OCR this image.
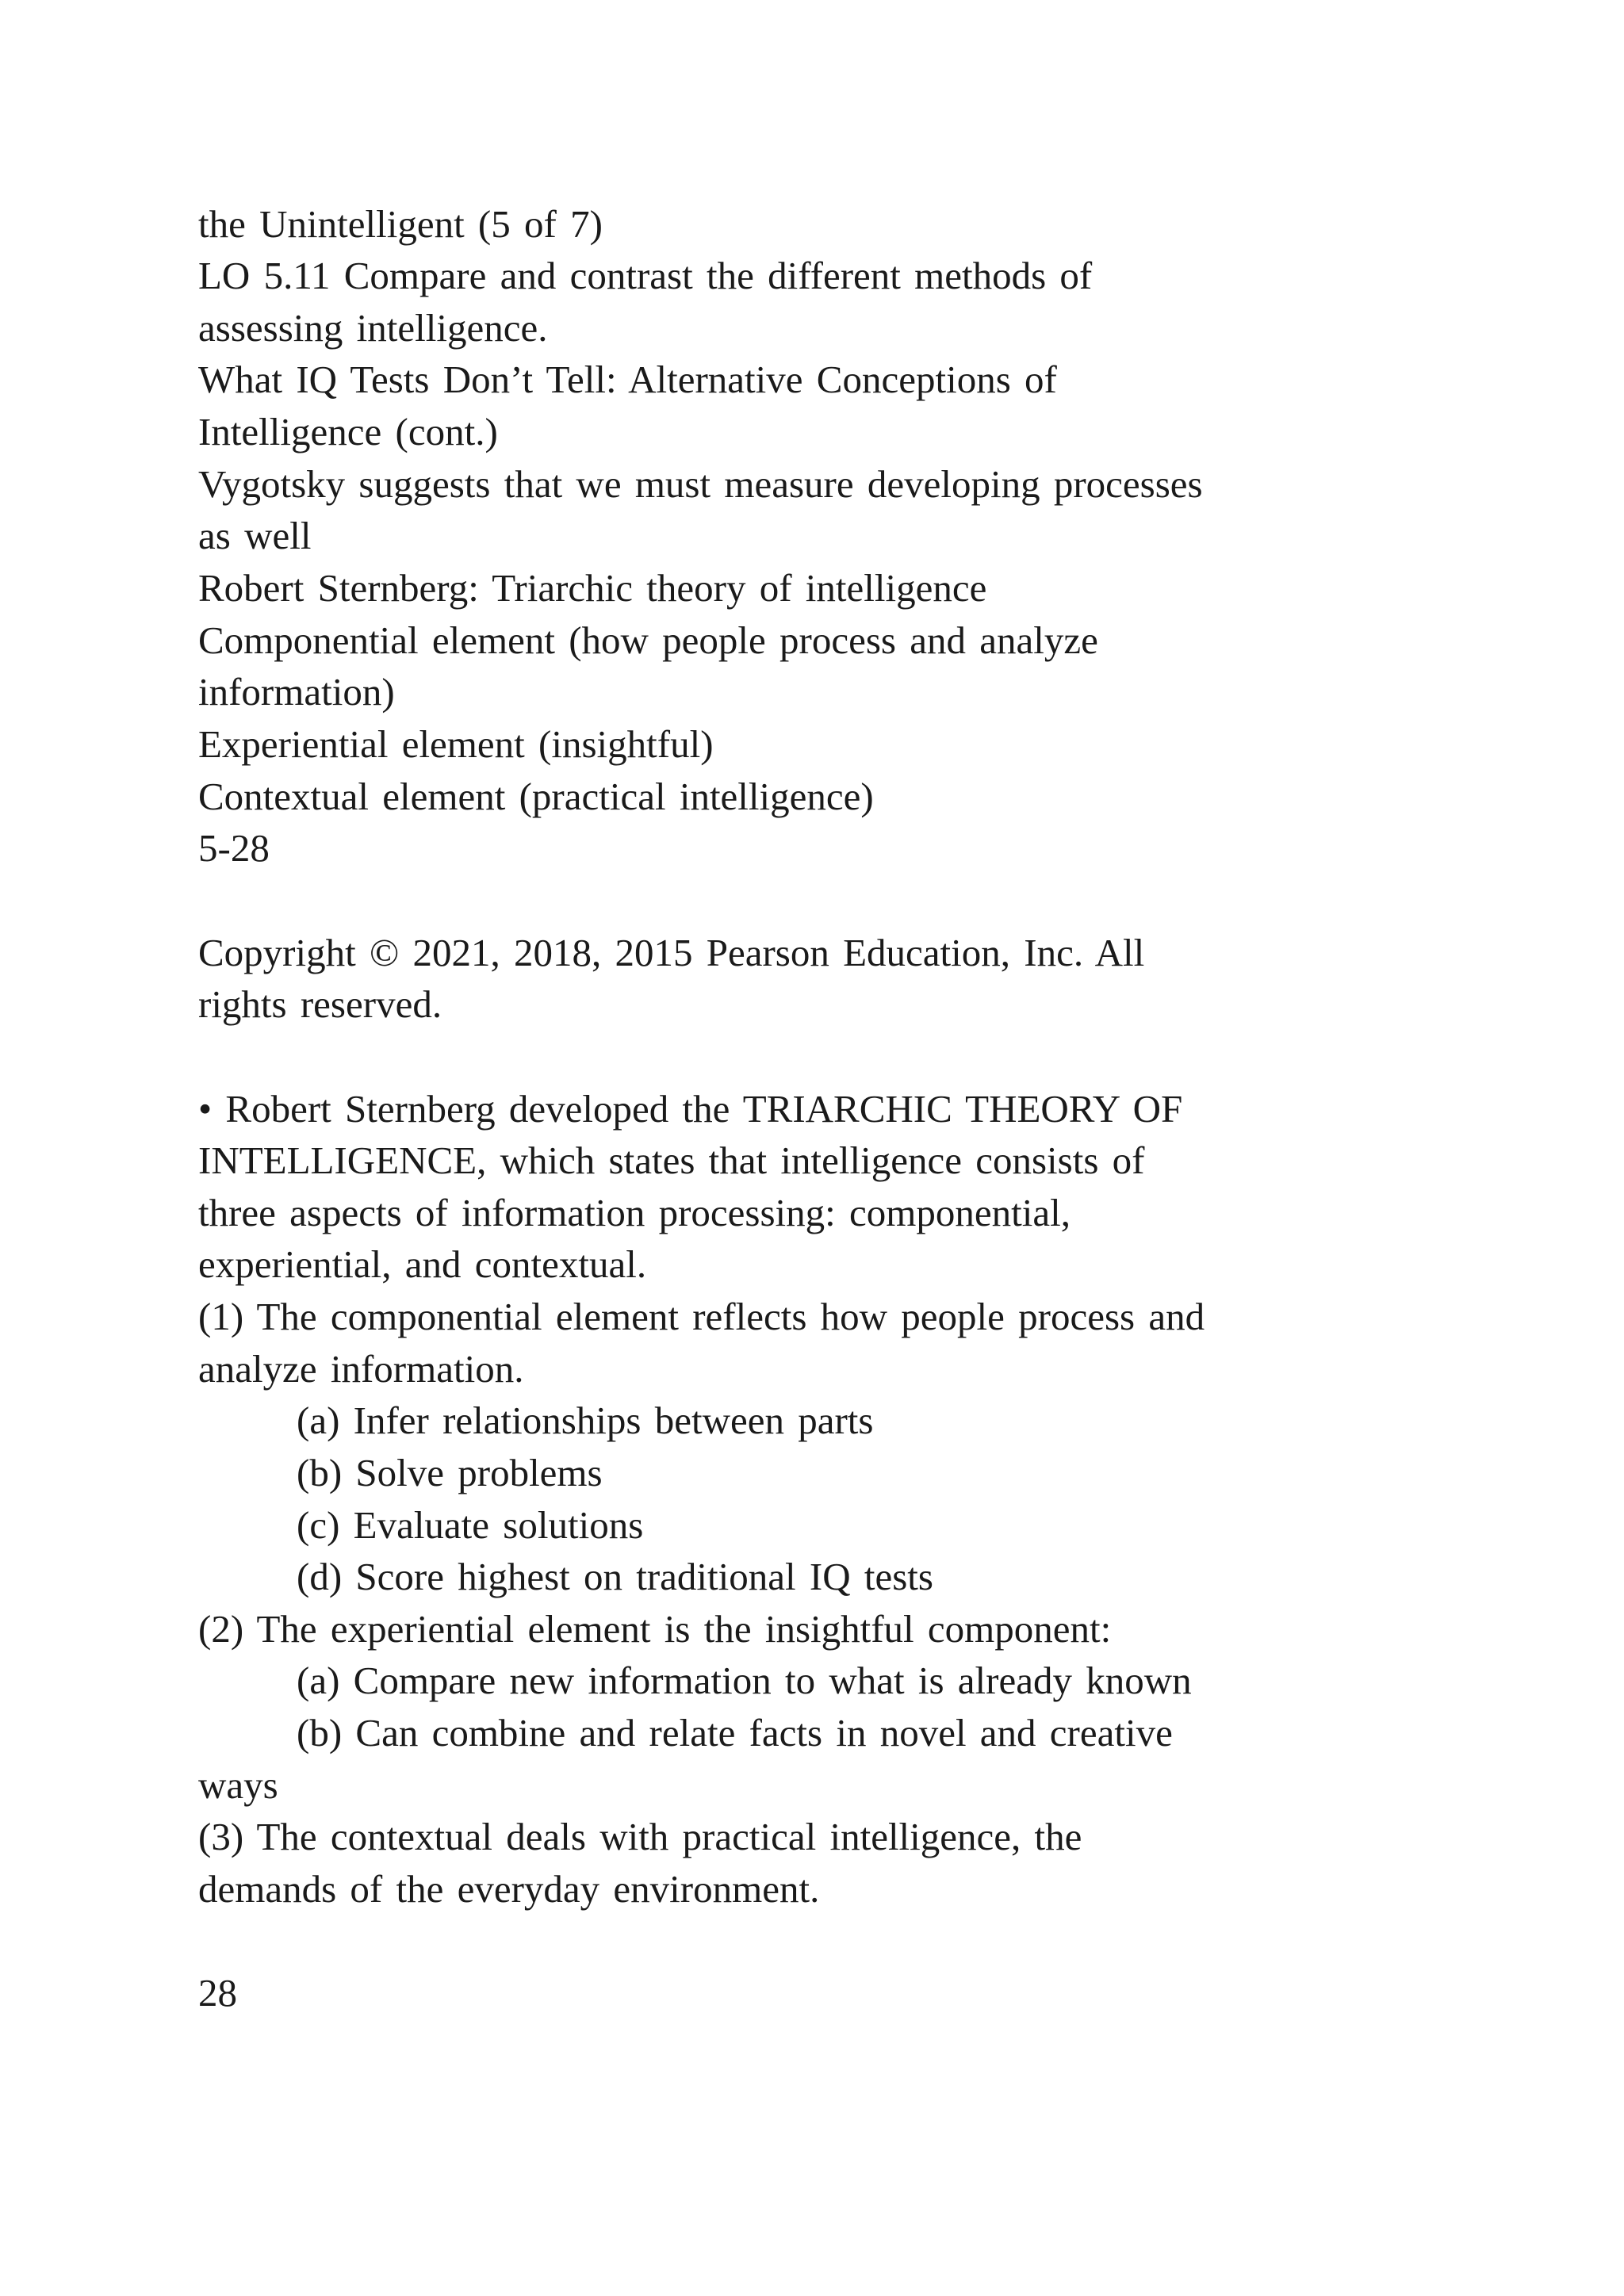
the Unintelligent (5 of 7)
LO 5.11 Compare and contrast the different methods of
assessing intelligence.
What IQ Tests Don’t Tell: Alternative Conceptions of
Intelligence (cont.)
Vygotsky suggests that we must measure developing processes
as well
Robert Sternberg: Triarchic theory of intelligence
Componential element (how people process and analyze
information)
Experiential element (insightful)
Contextual element (practical intelligence)
5-28
Copyright © 2021, 2018, 2015 Pearson Education, Inc. All
rights reserved.
• Robert Sternberg developed the TRIARCHIC THEORY OF
INTELLIGENCE, which states that intelligence consists of
three aspects of information processing: componential,
experiential, and contextual.
(1) The componential element reflects how people process and
analyze information.
(a) Infer relationships between parts
(b) Solve problems
(c) Evaluate solutions
(d) Score highest on traditional IQ tests
(2) The experiential element is the insightful component:
(a) Compare new information to what is already known
(b) Can combine and relate facts in novel and creative
ways
(3) The contextual deals with practical intelligence, the
demands of the everyday environment.
28
